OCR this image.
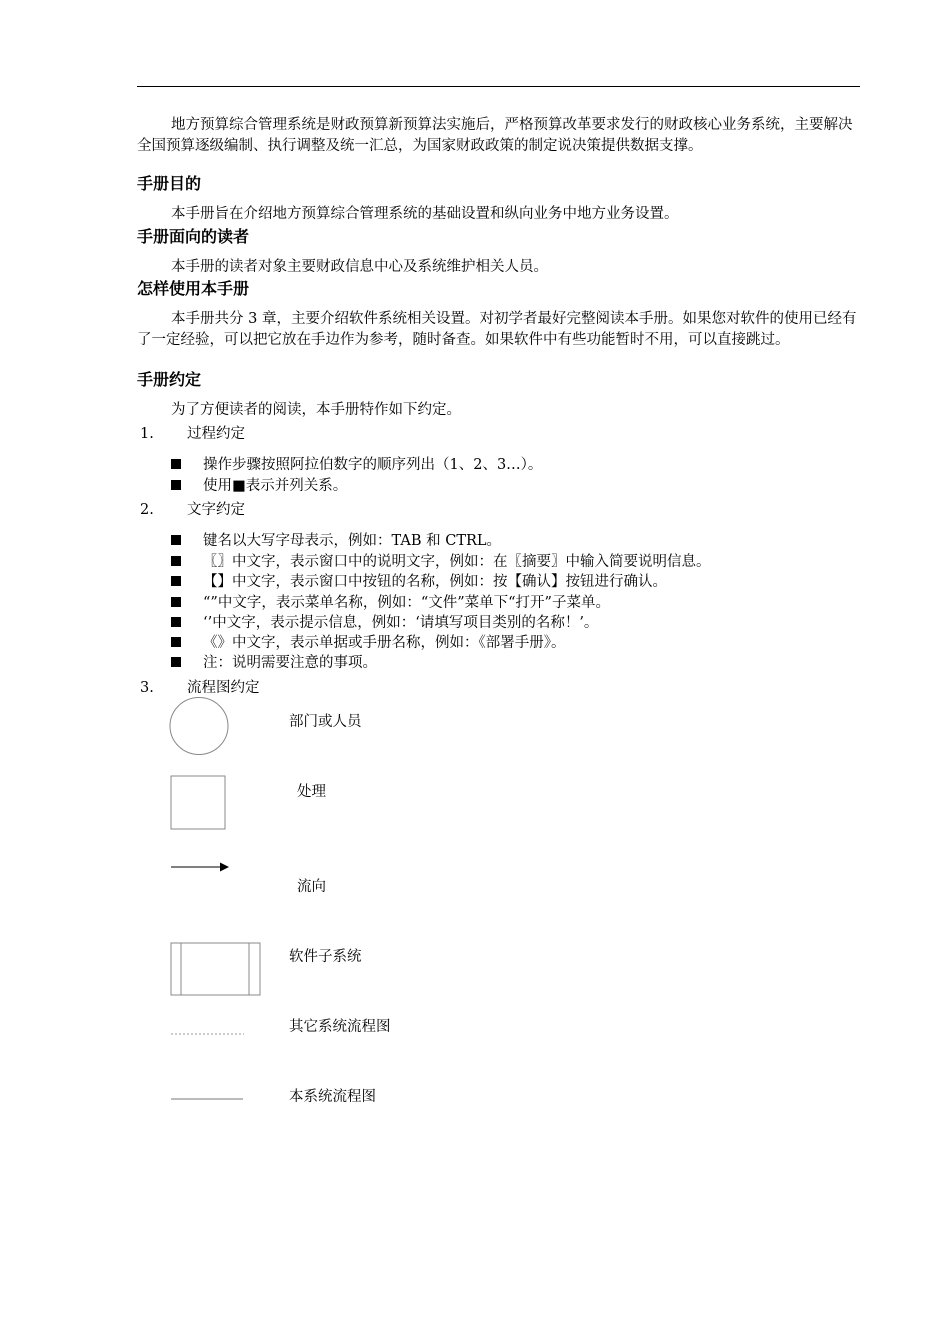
地方预算综合管理系统是财政预算新预算法实施后，严格预算改革要求发行的财政核心业务系统，主要解决全国预算逐级编制、执行调整及统一汇总，为国家财政政策的制定说决策提供数据支撑。

手册目的

本手册旨在介绍地方预算综合管理系统的基础设置和纵向业务中地方业务设置。

手册面向的读者

本手册的读者对象主要财政信息中心及系统维护相关人员。

怎样使用本手册

本手册共分 3 章，主要介绍软件系统相关设置。对初学者最好完整阅读本手册。如果您对软件的使用已经有了一定经验，可以把它放在手边作为参考，随时备查。如果软件中有些功能暂时不用，可以直接跳过。

手册约定

为了方便读者的阅读，本手册特作如下约定。

1. 过程约定
操作步骤按照阿拉伯数字的顺序列出（1、2、3…）。
使用■表示并列关系。
2. 文字约定
键名以大写字母表示，例如：TAB 和 CTRL。
〖〗中文字，表示窗口中的说明文字，例如：在〖摘要〗中输入简要说明信息。
【】中文字，表示窗口中按钮的名称，例如：按【确认】按钮进行确认。
“”中文字，表示菜单名称，例如：“文件”菜单下“打开”子菜单。
‘’中文字，表示提示信息，例如：‘请填写项目类别的名称！’。
《》中文字，表示单据或手册名称，例如：《部署手册》。
注：说明需要注意的事项。
3. 流程图约定
部门或人员
处理
流向
软件子系统
其它系统流程图
本系统流程图
